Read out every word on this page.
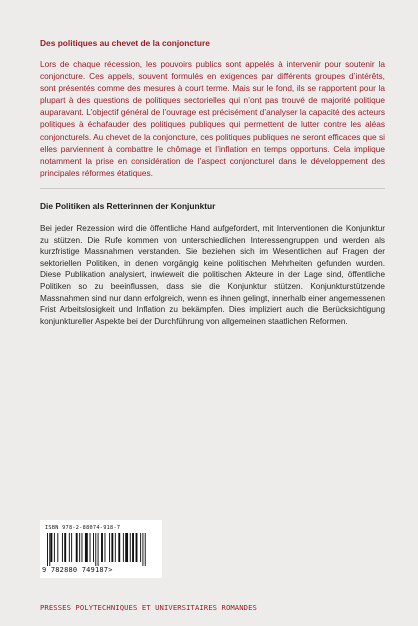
Des politiques au chevet de la conjoncture

Lors de chaque récession, les pouvoirs publics sont appelés à intervenir pour soutenir la conjoncture. Ces appels, souvent formulés en exigences par différents groupes d’intérêts, sont présentés comme des mesures à court terme. Mais sur le fond, ils se rapportent pour la plupart à des questions de politiques sectorielles qui n’ont pas trouvé de majorité politique auparavant. L’objectif général de l’ouvrage est précisément d’analyser la capacité des acteurs politiques à échafauder des politiques publiques qui permettent de lutter contre les aléas conjoncturels. Au chevet de la conjoncture, ces politiques publiques ne seront efficaces que si elles parviennent à combattre le chômage et l’inflation en temps opportuns. Cela implique notamment la prise en considération de l’aspect conjoncturel dans le développement des principales réformes étatiques.

Die Politiken als Retterinnen der Konjunktur

Bei jeder Rezession wird die öffentliche Hand aufgefordert, mit Interventionen die Konjunktur zu stützen. Die Rufe kommen von unterschiedlichen Interessengruppen und werden als kurzfristige Massnahmen verstanden. Sie beziehen sich im Wesentlichen auf Fragen der sektoriellen Politiken, in denen vorgängig keine politischen Mehrheiten gefunden wurden. Diese Publikation analysiert, inwieweit die politischen Akteure in der Lage sind, öffentliche Politiken so zu beeinflussen, dass sie die Konjunktur stützen. Konjunkturstützende Massnahmen sind nur dann erfolgreich, wenn es ihnen gelingt, innerhalb einer angemessenen Frist Arbeitslosigkeit und Inflation zu bekämpfen. Dies impliziert auch die Berücksichtigung konjunktureller Aspekte bei der Durchführung von allgemeinen staatlichen Reformen.

ISBN 978-2-88074-918-7
9 782880 749187>
PRESSES POLYTECHNIQUES ET UNIVERSITAIRES ROMANDES
